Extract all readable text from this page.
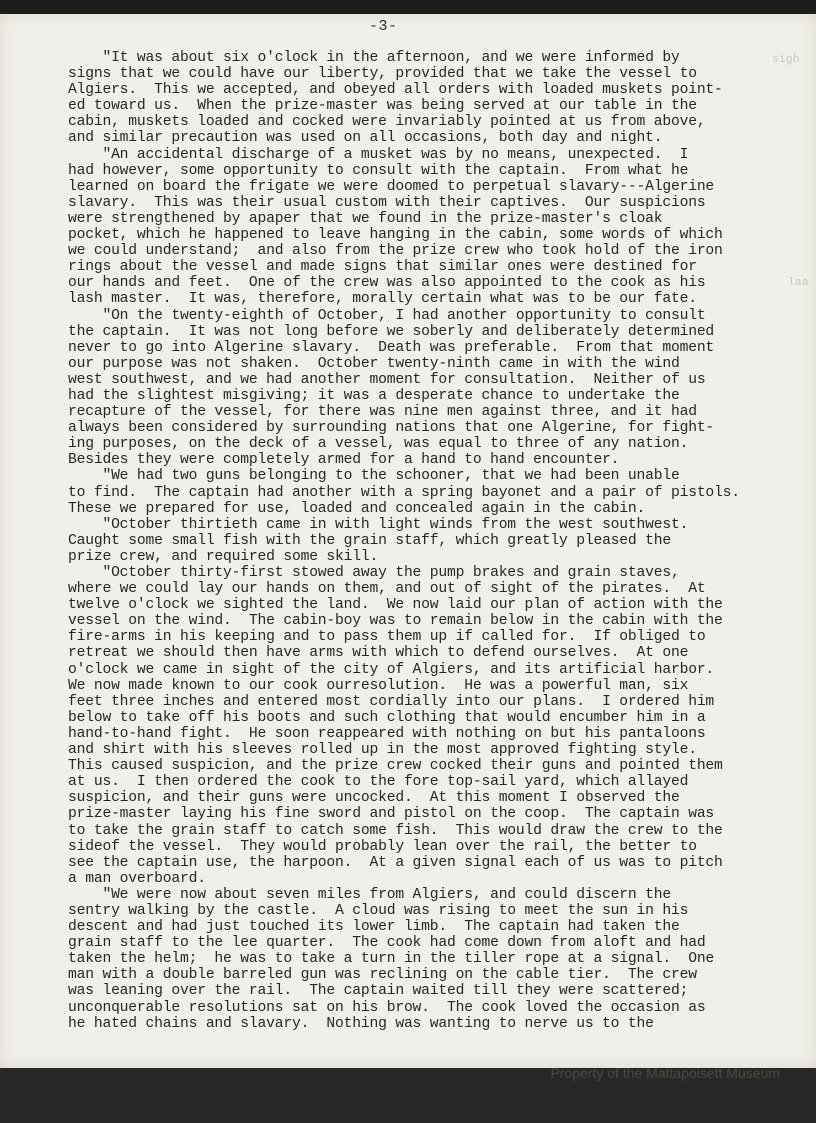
-3-
sigh
laa
"It was about six o'clock in the afternoon, and we were informed by
signs that we could have our liberty, provided that we take the vessel to
Algiers.  This we accepted, and obeyed all orders with loaded muskets point-
ed toward us.  When the prize-master was being served at our table in the
cabin, muskets loaded and cocked were invariably pointed at us from above,
and similar precaution was used on all occasions, both day and night.
"An accidental discharge of a musket was by no means, unexpected.  I
had however, some opportunity to consult with the captain.  From what he
learned on board the frigate we were doomed to perpetual slavary---Algerine
slavary.  This was their usual custom with their captives.  Our suspicions
were strengthened by apaper that we found in the prize-master's cloak
pocket, which he happened to leave hanging in the cabin, some words of which
we could understand;  and also from the prize crew who took hold of the iron
rings about the vessel and made signs that similar ones were destined for
our hands and feet.  One of the crew was also appointed to the cook as his
lash master.  It was, therefore, morally certain what was to be our fate.
"On the twenty-eighth of October, I had another opportunity to consult
the captain.  It was not long before we soberly and deliberately determined
never to go into Algerine slavary.  Death was preferable.  From that moment
our purpose was not shaken.  October twenty-ninth came in with the wind
west southwest, and we had another moment for consultation.  Neither of us
had the slightest misgiving; it was a desperate chance to undertake the
recapture of the vessel, for there was nine men against three, and it had
always been considered by surrounding nations that one Algerine, for fight-
ing purposes, on the deck of a vessel, was equal to three of any nation.
Besides they were completely armed for a hand to hand encounter.
"We had two guns belonging to the schooner, that we had been unable
to find.  The captain had another with a spring bayonet and a pair of pistols.
These we prepared for use, loaded and concealed again in the cabin.
"October thirtieth came in with light winds from the west southwest.
Caught some small fish with the grain staff, which greatly pleased the
prize crew, and required some skill.
"October thirty-first stowed away the pump brakes and grain staves,
where we could lay our hands on them, and out of sight of the pirates.  At
twelve o'clock we sighted the land.  We now laid our plan of action with the
vessel on the wind.  The cabin-boy was to remain below in the cabin with the
fire-arms in his keeping and to pass them up if called for.  If obliged to
retreat we should then have arms with which to defend ourselves.  At one
o'clock we came in sight of the city of Algiers, and its artificial harbor.
We now made known to our cook ourresolution.  He was a powerful man, six
feet three inches and entered most cordially into our plans.  I ordered him
below to take off his boots and such clothing that would encumber him in a
hand-to-hand fight.  He soon reappeared with nothing on but his pantaloons
and shirt with his sleeves rolled up in the most approved fighting style.
This caused suspicion, and the prize crew cocked their guns and pointed them
at us.  I then ordered the cook to the fore top-sail yard, which allayed
suspicion, and their guns were uncocked.  At this moment I observed the
prize-master laying his fine sword and pistol on the coop.  The captain was
to take the grain staff to catch some fish.  This would draw the crew to the
sideof the vessel.  They would probably lean over the rail, the better to
see the captain use, the harpoon.  At a given signal each of us was to pitch
a man overboard.
"We were now about seven miles from Algiers, and could discern the
sentry walking by the castle.  A cloud was rising to meet the sun in his
descent and had just touched its lower limb.  The captain had taken the
grain staff to the lee quarter.  The cook had come down from aloft and had
taken the helm;  he was to take a turn in the tiller rope at a signal.  One
man with a double barreled gun was reclining on the cable tier.  The crew
was leaning over the rail.  The captain waited till they were scattered;
unconquerable resolutions sat on his brow.  The cook loved the occasion as
he hated chains and slavary.  Nothing was wanting to nerve us to the
Property of the Mattapoisett Museum
